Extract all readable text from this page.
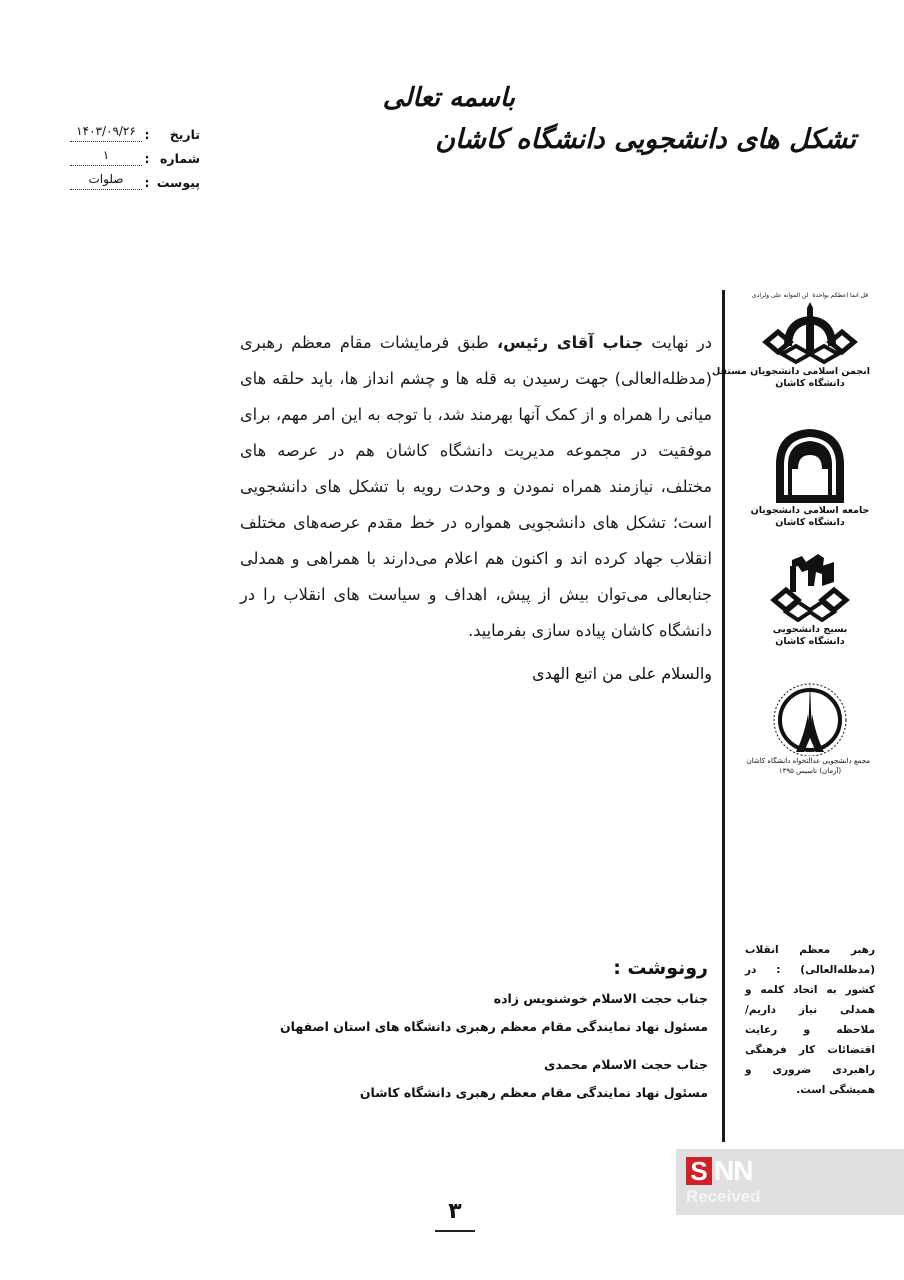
باسمه تعالی
تشکل های دانشجویی دانشگاه کاشان
تاریخ
:
۱۴۰۳/۰۹/۲۶
شماره
:
۱
پیوست
:
صلوات
در نهایت جناب آقای رئیس، طبق فرمایشات مقام معظم رهبری (مدظله‌العالی) جهت رسیدن به قله ها و چشم انداز ها، باید حلقه های میانی را همراه و از کمک آنها بهرمند شد، با توجه به این امر مهم، برای موفقیت در مجموعه مدیریت دانشگاه کاشان هم در عرصه های مختلف، نیازمند همراه نمودن و وحدت رویه با تشکل های دانشجویی است؛ تشکل های دانشجویی همواره در خط مقدم عرصه‌های مختلف انقلاب جهاد کرده اند و اکنون هم اعلام می‌دارند با همراهی و همدلی جنابعالی می‌توان بیش از پیش، اهداف و سیاست های انقلاب را در دانشگاه کاشان پیاده سازی بفرمایید.
والسلام علی من اتبع الهدی
رونوشت :
جناب حجت الاسلام خوشنویس زاده
مسئول نهاد نمایندگی مقام معظم رهبری دانشگاه های استان اصفهان
جناب حجت الاسلام محمدی
مسئول نهاد نمایندگی مقام معظم رهبری دانشگاه کاشان
قل انما اعظکم بواحدة
لن الموانه علی ولرادی
انجمن اسلامی دانشجویان مستقل
دانشگاه کاشان
جامعه اسلامی دانشجویان
دانشگاه کاشان
بسیج دانشجویی
دانشگاه کاشان
مجمع دانشجویی عدالتخواه دانشگاه کاشان
(آرمان) تاسیس ۱۳۹۵
رهبر معظم انقلاب (مدظله‌العالی) : در کشور به اتحاد کلمه و همدلی نیاز داریم/ملاحظه و رعایت اقتضائات کار فرهنگی راهبردی ضروری و همیشگی است.
۳
S NN
Received
